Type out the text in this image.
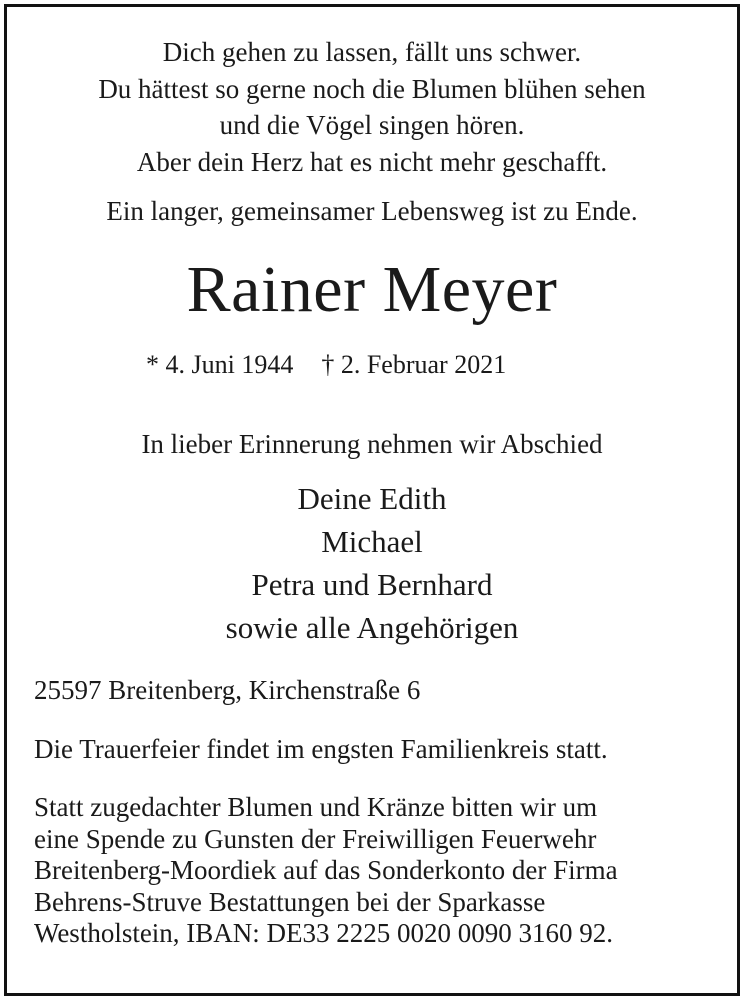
Dich gehen zu lassen, fällt uns schwer.
Du hättest so gerne noch die Blumen blühen sehen
und die Vögel singen hören.
Aber dein Herz hat es nicht mehr geschafft.
Ein langer, gemeinsamer Lebensweg ist zu Ende.
Rainer Meyer
* 4. Juni 1944 † 2. Februar 2021
In lieber Erinnerung nehmen wir Abschied
Deine Edith
Michael
Petra und Bernhard
sowie alle Angehörigen
25597 Breitenberg, Kirchenstraße 6
Die Trauerfeier findet im engsten Familienkreis statt.
Statt zugedachter Blumen und Kränze bitten wir um
eine Spende zu Gunsten der Freiwilligen Feuerwehr
Breitenberg-Moordiek auf das Sonderkonto der Firma
Behrens-Struve Bestattungen bei der Sparkasse
Westholstein, IBAN: DE33 2225 0020 0090 3160 92.
